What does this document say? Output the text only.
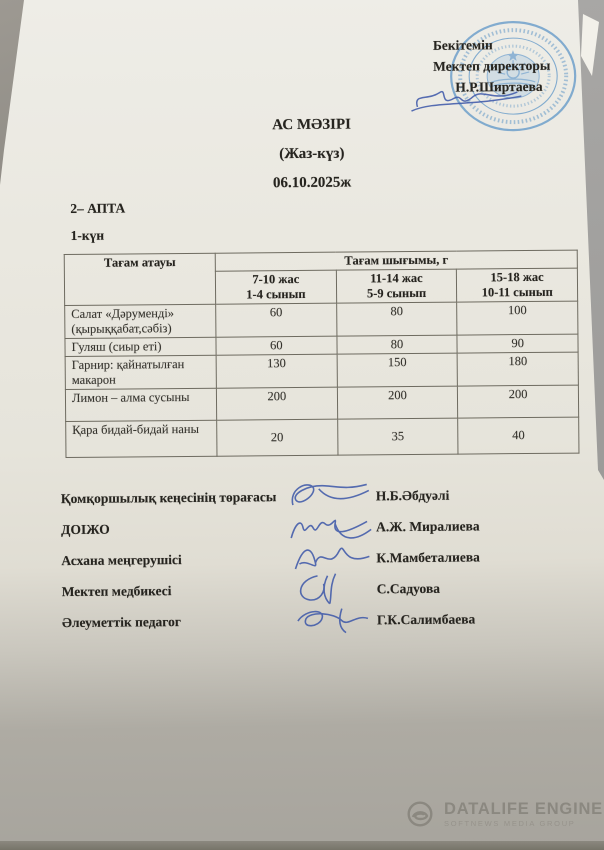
Бекітемін
Мектеп директоры
Н.Р.Ширтаева
АС МӘЗІРІ
(Жаз-күз)
06.10.2025ж
2– АПТА
1-күн
Тағам атауы	Тағам шығымы, г		

7-10 жас
1-4 сынып

11-14 жас
5-9 сынып

15-18 жас
10-11 сынып

Салат «Дәруменді» (қырыққабат,сәбіз)	60	80	100
Гуляш (сиыр еті)	60	80	90
Гарнир: қайнатылған макарон	130	150	180
Лимон – алма сусыны	200	200	200
Қара бидай-бидай наны	20	35	40
Қомқоршылық кеңесінің төрағасы	Н.Б.Әбдуәлі
ДОІЖО	А.Ж. Миралиева
Асхана меңгерушісі	К.Мамбеталиева
Мектеп медбикесі	С.Садуова
Әлеуметтік педагог	Г.К.Салимбаева
DATALIFE ENGINE
SOFTNEWS MEDIA GROUP
